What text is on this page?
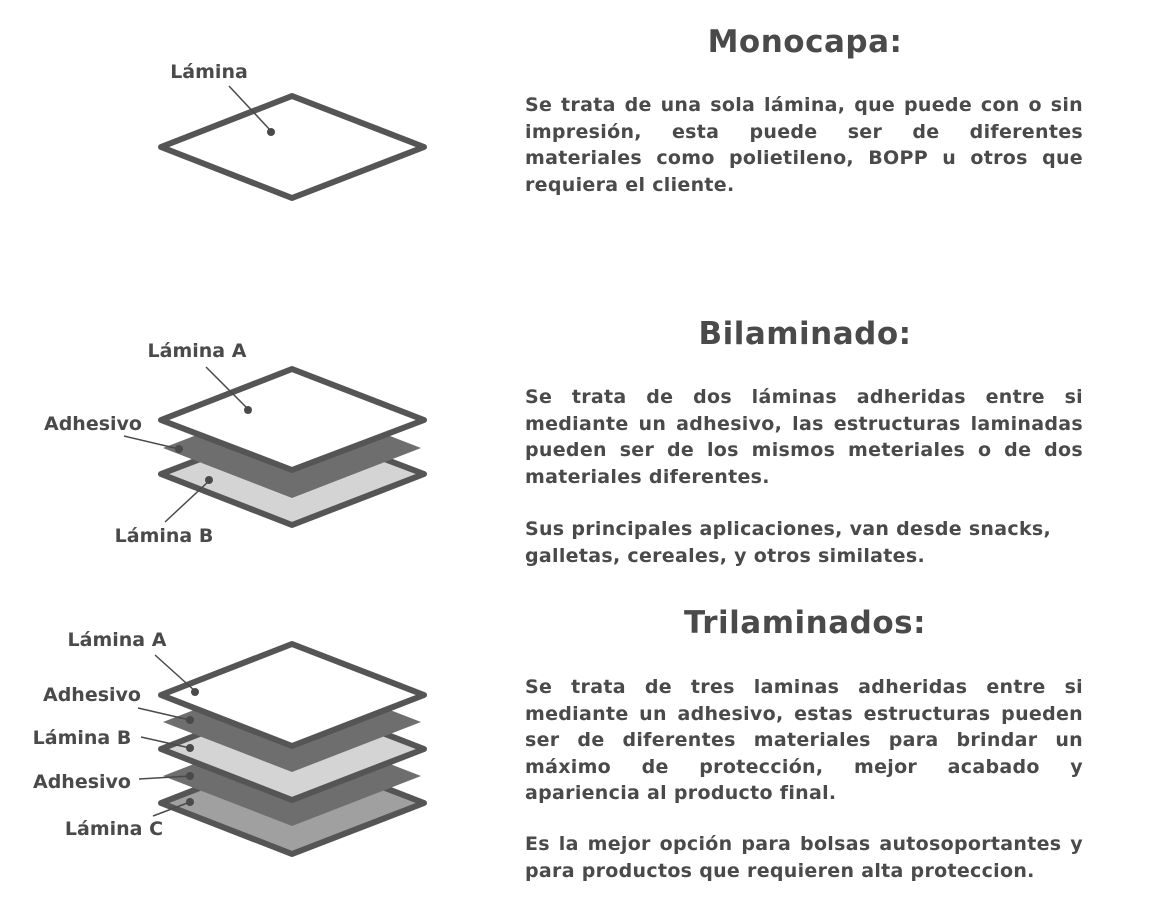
Lámina
Lámina A
Adhesivo
Lámina B
Lámina A
Adhesivo
Lámina B
Adhesivo
Lámina C
Monocapa:

Se trata de una sola lámina, que puede con o sin impresión, esta puede ser de diferentes materiales como polietileno, BOPP u otros que requiera el cliente.

Bilaminado:

Se trata de dos láminas adheridas entre si mediante un adhesivo, las estructuras laminadas pueden ser de los mismos meteriales o de dos materiales diferentes.

Sus principales aplicaciones, van desde snacks, galletas, cereales, y otros similates.

Trilaminados:

Se trata de tres laminas adheridas entre si mediante un adhesivo, estas estructuras pueden ser de diferentes materiales para brindar un máximo de protección, mejor acabado y apariencia al producto final.

Es la mejor opción para bolsas autosoportantes y para productos que requieren alta proteccion.
